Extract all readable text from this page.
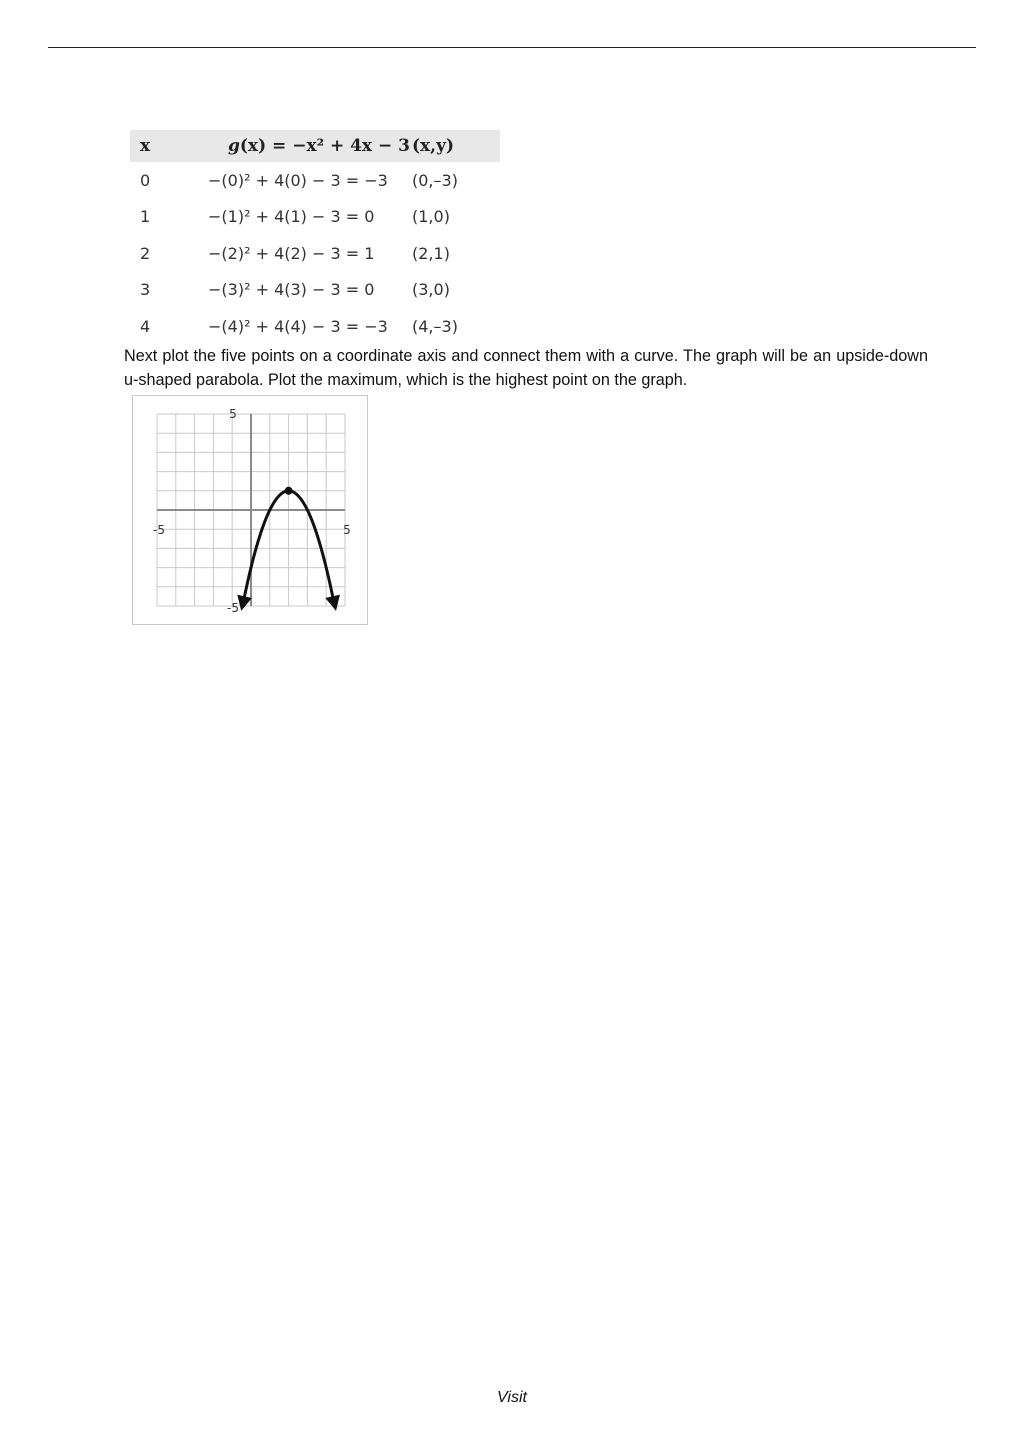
x	g(x) = −x² + 4x − 3	(x,y)
0	−(0)² + 4(0) − 3 = −3	(0,–3)
1	−(1)² + 4(1) − 3 = 0	(1,0)
2	−(2)² + 4(2) − 3 = 1	(2,1)
3	−(3)² + 4(3) − 3 = 0	(3,0)
4	−(4)² + 4(4) − 3 = −3	(4,–3)

Next plot the five points on a coordinate axis and connect them with a curve. The graph will be an upside-down u-shaped parabola. Plot the maximum, which is the highest point on the graph.

5
-5
-5	5
Visit
